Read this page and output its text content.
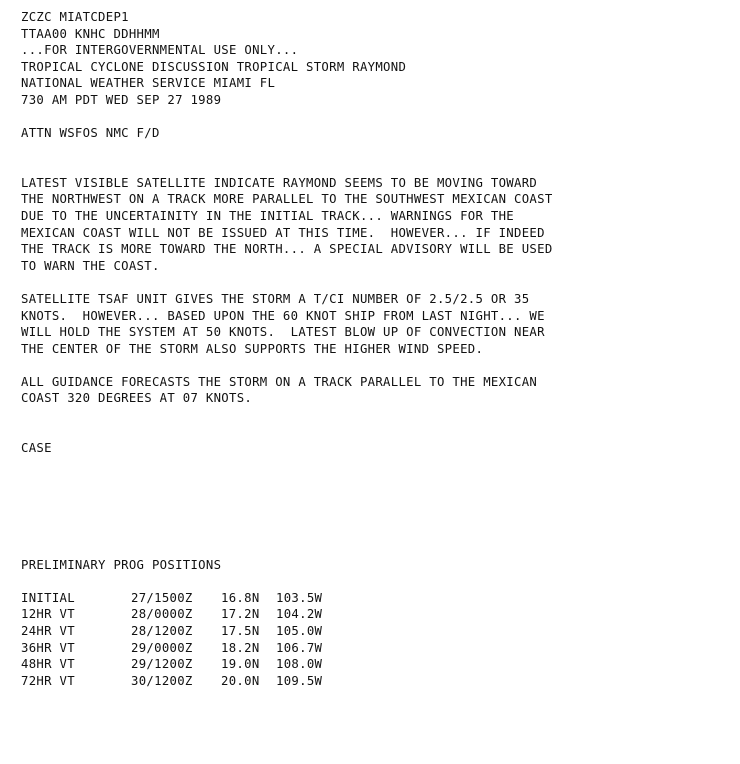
ZCZC MIATCDEP1
TTAA00 KNHC DDHHMM
...FOR INTERGOVERNMENTAL USE ONLY...
TROPICAL CYCLONE DISCUSSION TROPICAL STORM RAYMOND
NATIONAL WEATHER SERVICE MIAMI FL
730 AM PDT WED SEP 27 1989
ATTN WSFOS NMC F/D
LATEST VISIBLE SATELLITE INDICATE RAYMOND SEEMS TO BE MOVING TOWARD
THE NORTHWEST ON A TRACK MORE PARALLEL TO THE SOUTHWEST MEXICAN COAST
DUE TO THE UNCERTAINITY IN THE INITIAL TRACK... WARNINGS FOR THE
MEXICAN COAST WILL NOT BE ISSUED AT THIS TIME.  HOWEVER... IF INDEED
THE TRACK IS MORE TOWARD THE NORTH... A SPECIAL ADVISORY WILL BE USED
TO WARN THE COAST.
SATELLITE TSAF UNIT GIVES THE STORM A T/CI NUMBER OF 2.5/2.5 OR 35
KNOTS.  HOWEVER... BASED UPON THE 60 KNOT SHIP FROM LAST NIGHT... WE
WILL HOLD THE SYSTEM AT 50 KNOTS.  LATEST BLOW UP OF CONVECTION NEAR
THE CENTER OF THE STORM ALSO SUPPORTS THE HIGHER WIND SPEED.
ALL GUIDANCE FORECASTS THE STORM ON A TRACK PARALLEL TO THE MEXICAN
COAST 320 DEGREES AT 07 KNOTS.
CASE
PRELIMINARY PROG POSITIONS
INITIAL	27/1500Z	16.8N	103.5W
12HR VT	28/0000Z	17.2N	104.2W
24HR VT	28/1200Z	17.5N	105.0W
36HR VT	29/0000Z	18.2N	106.7W
48HR VT	29/1200Z	19.0N	108.0W
72HR VT	30/1200Z	20.0N	109.5W
